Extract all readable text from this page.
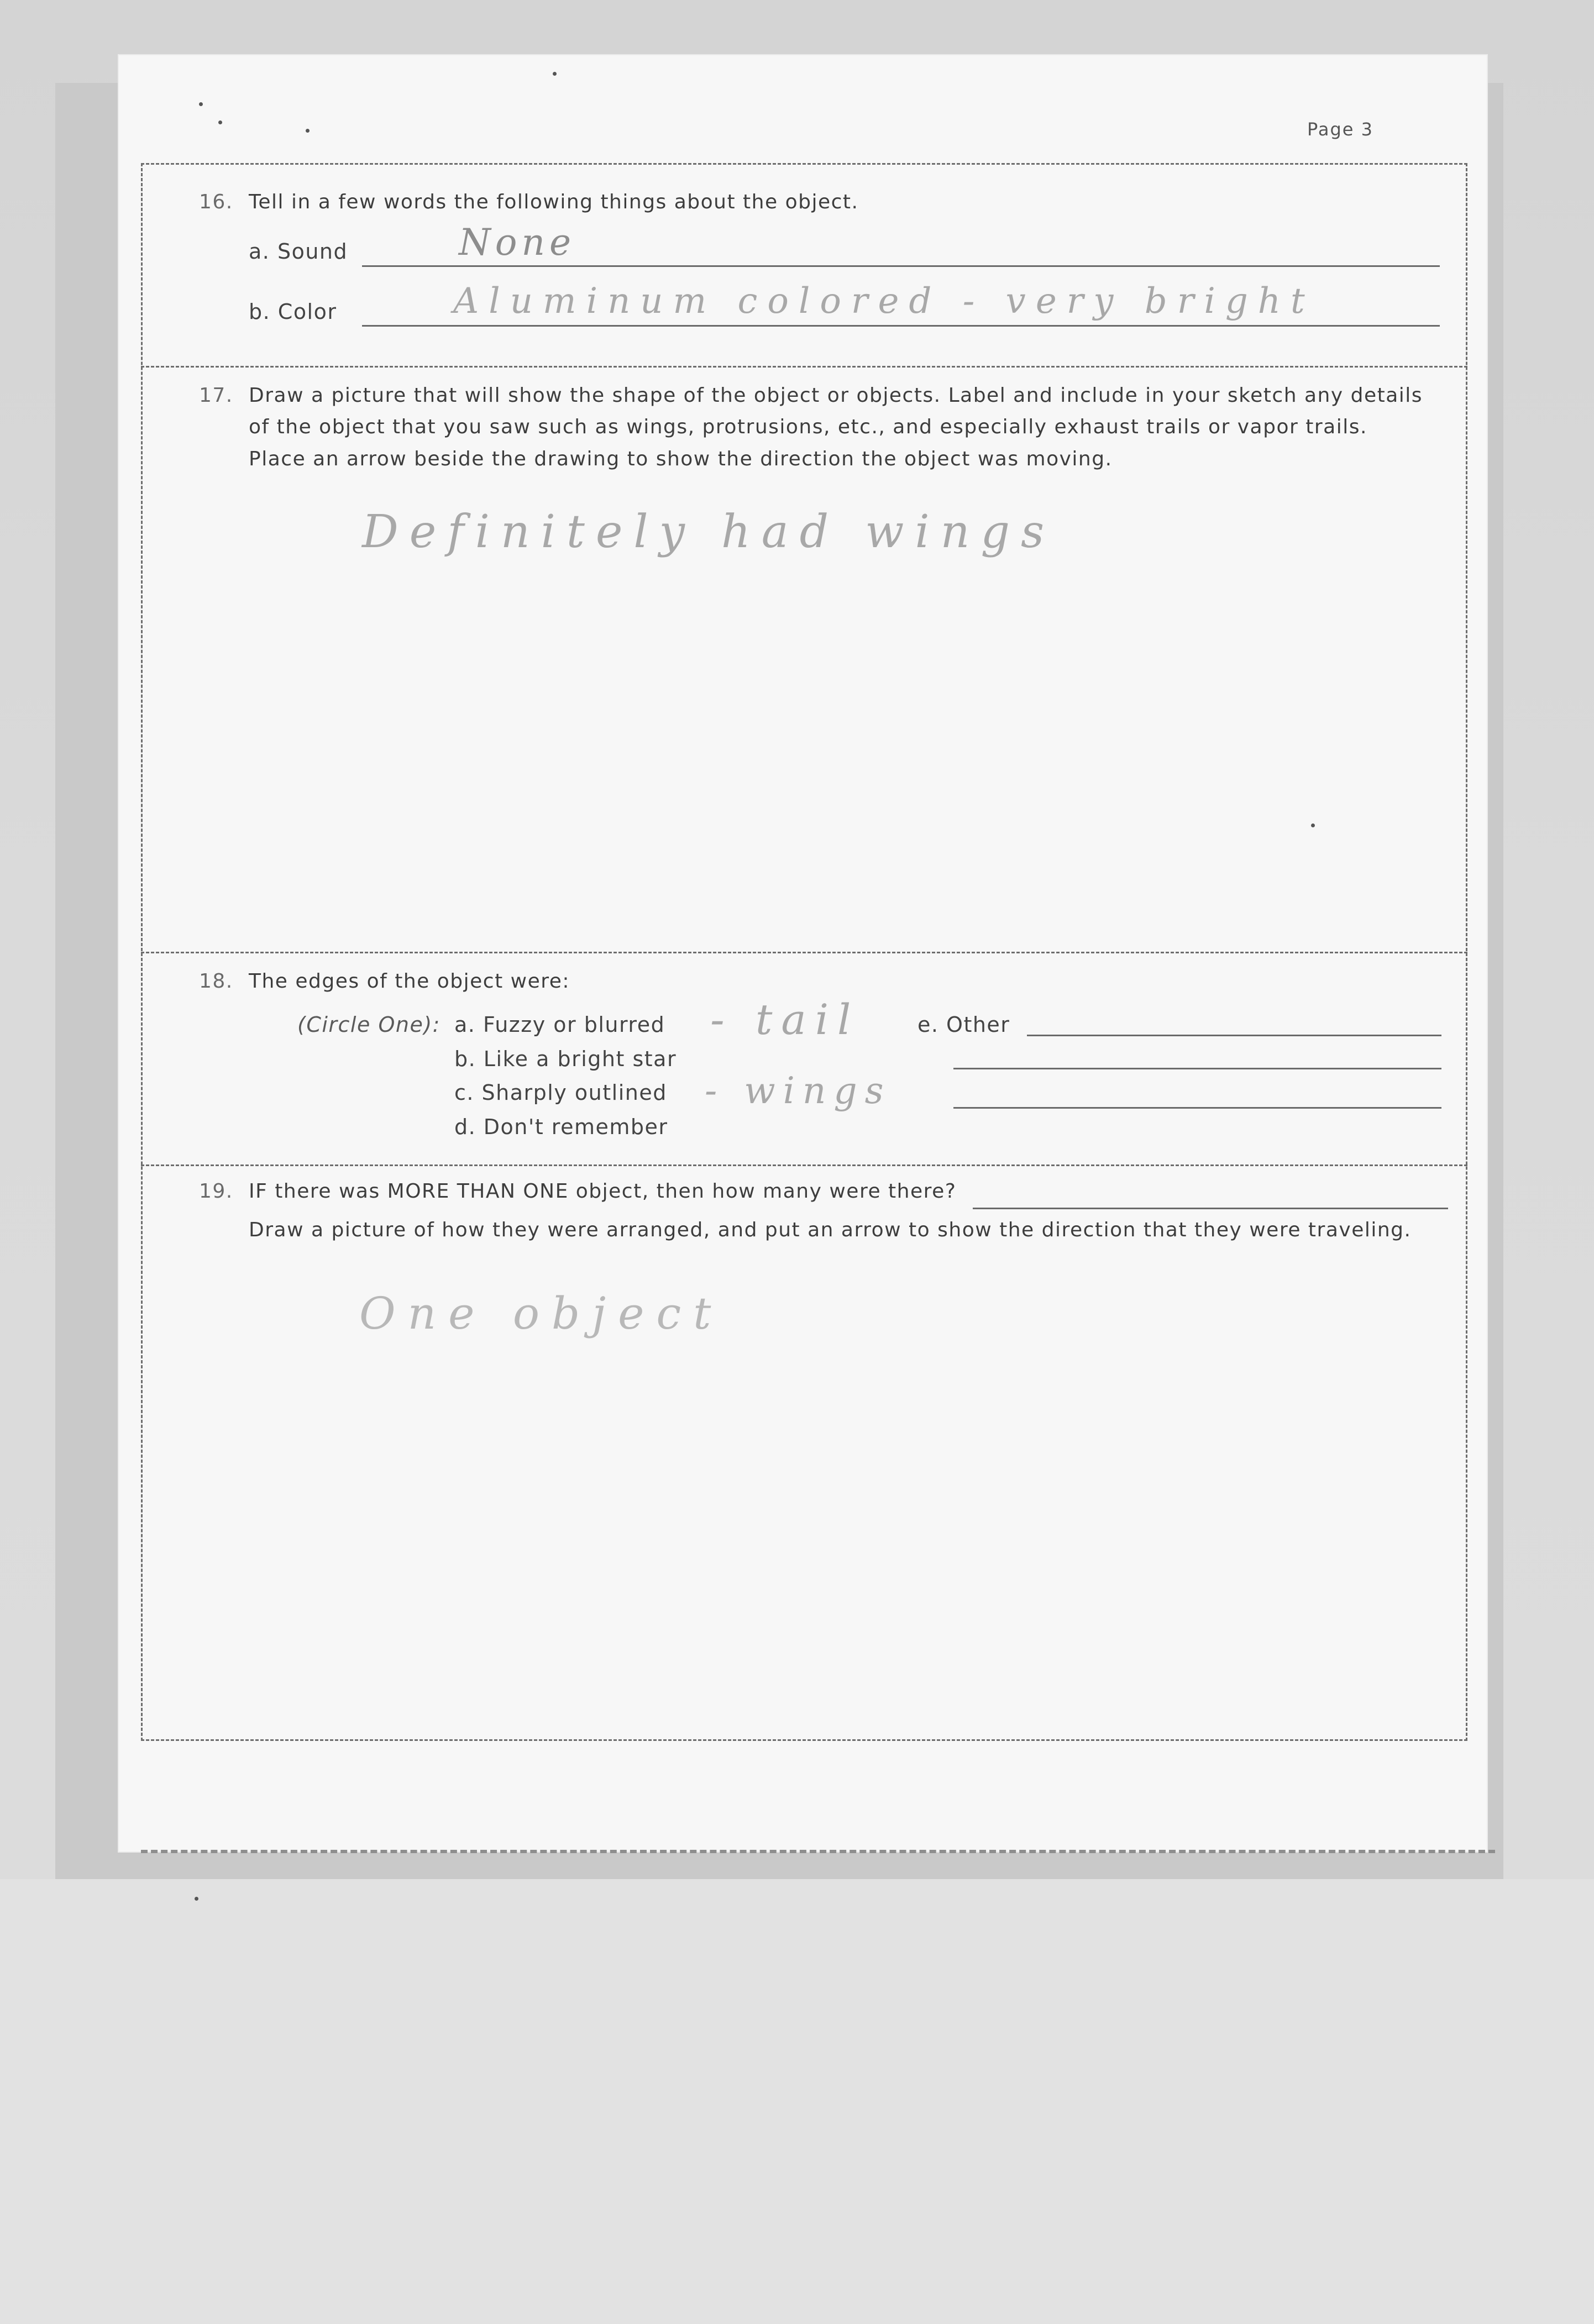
Page 3
16. Tell in a few words the following things about the object.
a. Sound	None
b. Color	Aluminum colored - very bright
17. Draw a picture that will show the shape of the object or objects. Label and include in your sketch any details
of the object that you saw such as wings, protrusions, etc., and especially exhaust trails or vapor trails.
Place an arrow beside the drawing to show the direction the object was moving.
Definitely had wings
18. The edges of the object were:
(Circle One): a. Fuzzy or blurred
b. Like a bright star
c. Sharply outlined
d. Don't remember
- tail
- wings
e. Other
19. IF there was MORE THAN ONE object, then how many were there?
Draw a picture of how they were arranged, and put an arrow to show the direction that they were traveling.
One object
